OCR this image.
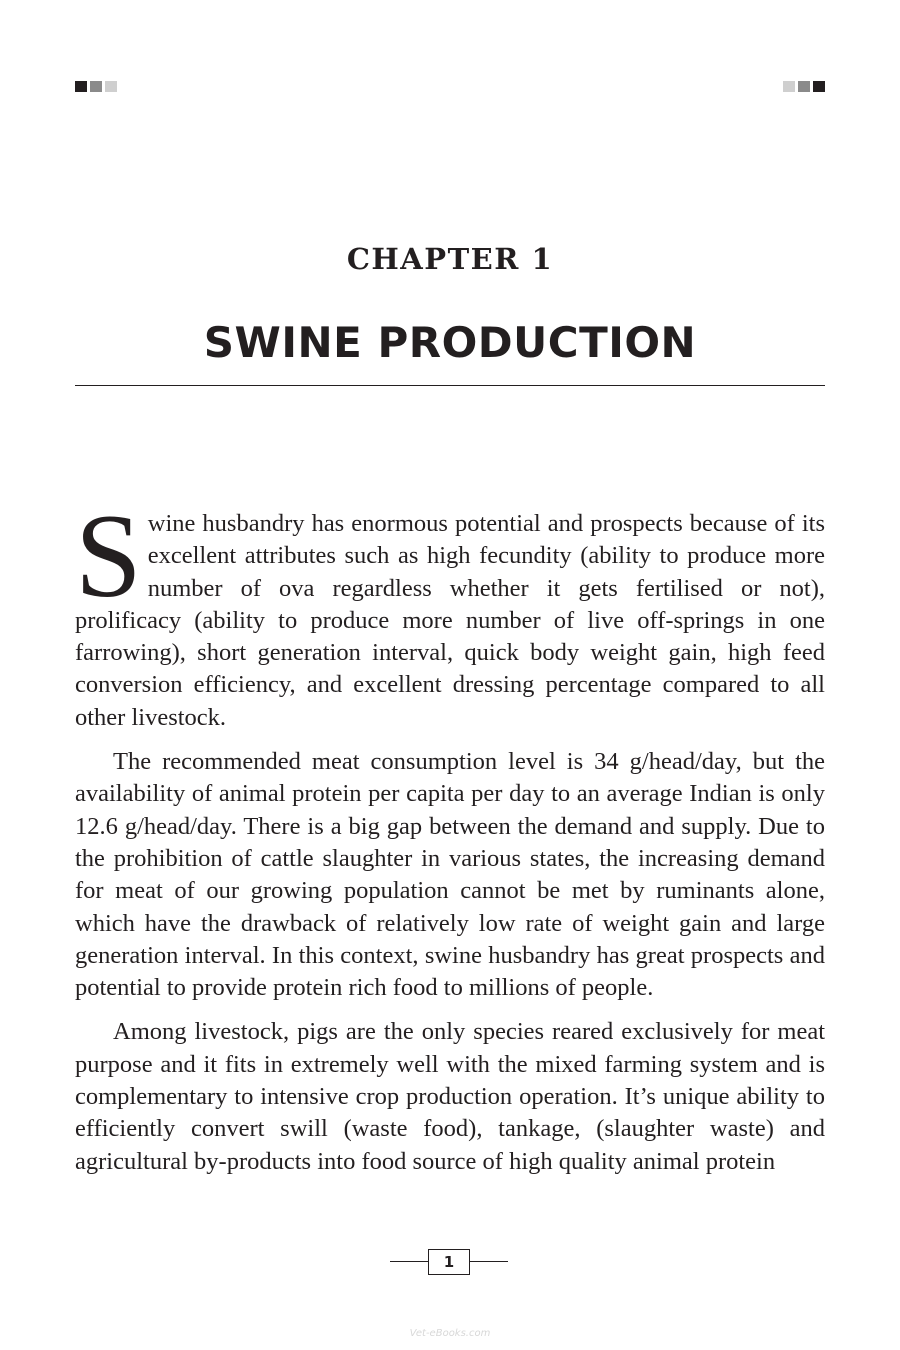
CHAPTER 1
SWINE PRODUCTION

Swine husbandry has enormous potential and prospects because of its excellent attributes such as high fecundity (ability to produce more number of ova regardless whether it gets fertilised or not), prolificacy (ability to produce more number of live off-springs in one farrowing), short generation interval, quick body weight gain, high feed conversion efficiency, and excellent dressing percentage compared to all other livestock.

The recommended meat consumption level is 34 g/head/day, but the availability of animal protein per capita per day to an average Indian is only 12.6 g/head/day. There is a big gap between the demand and supply. Due to the prohibition of cattle slaughter in various states, the increasing demand for meat of our growing population cannot be met by ruminants alone, which have the drawback of relatively low rate of weight gain and large generation interval. In this context, swine husbandry has great prospects and potential to provide protein rich food to millions of people.

Among livestock, pigs are the only species reared exclusively for meat purpose and it fits in extremely well with the mixed farming system and is complementary to intensive crop production operation. It’s unique ability to efficiently convert swill (waste food), tankage, (slaughter waste) and agricultural by-products into food source of high quality animal protein

1
Vet-eBooks.com
